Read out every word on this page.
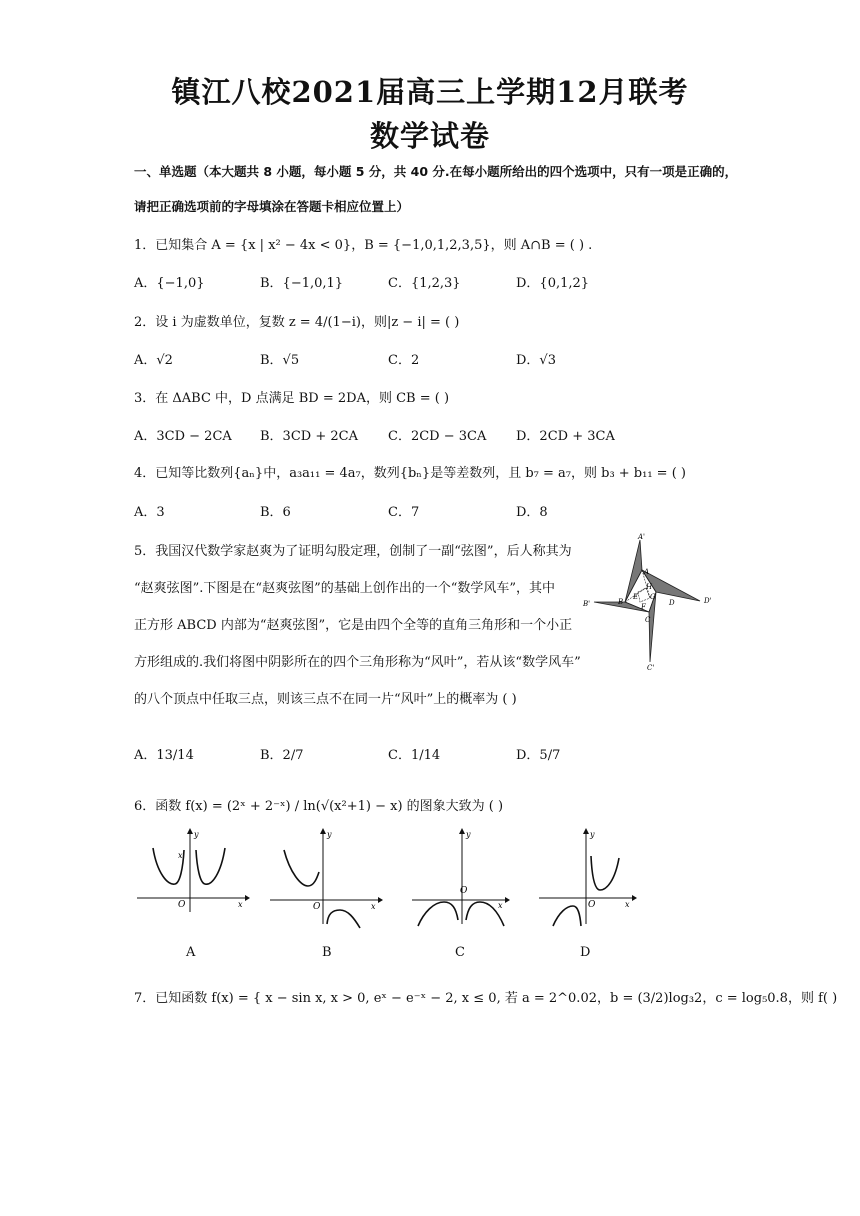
镇江八校2021届高三上学期12月联考
数学试卷
一、单选题（本大题共 8 小题，每小题 5 分，共 40 分.在每小题所给出的四个选项中，只有一项是正确的，
请把正确选项前的字母填涂在答题卡相应位置上）
1．已知集合 A = {x | x² − 4x < 0}，B = {−1,0,1,2,3,5}，则 A∩B = ( ) .
A．{−1,0}	B．{−1,0,1}	C．{1,2,3}	D．{0,1,2}
2．设 i 为虚数单位，复数 z = 4/(1−i)，则|z − i| = ( )
A．√2	B．√5	C．2	D．√3
3．在 ΔABC 中，D 点满足 BD = 2DA，则 CB = ( )
A．3CD − 2CA B．3CD + 2CA C．2CD − 3CA D．2CD + 3CA
4．已知等比数列{aₙ}中，a₃a₁₁ = 4a₇，数列{bₙ}是等差数列，且 b₇ = a₇，则 b₃ + b₁₁ = ( )
A．3	B．6	C．7	D．8
5．我国汉代数学家赵爽为了证明勾股定理，创制了一副“弦图”，后人称其为
“赵爽弦图”.下图是在“赵爽弦图”的基础上创作出的一个“数学风车”，其中
正方形 ABCD 内部为“赵爽弦图”，它是由四个全等的直角三角形和一个小正
方形组成的.我们将图中阴影所在的四个三角形称为“风叶”，若从该“数学风车”
的八个顶点中任取三点，则该三点不在同一片“风叶”上的概率为 ( )
A'
A
H
B'	B
E G
D	D'
F
C
C'
A．13/14	B．2/7	C．1/14	D．5/7
6．函数 f(x) = (2ˣ + 2⁻ˣ) / ln(√(x²+1) − x) 的图象大致为 ( )
y
x
x
O
A
y
x
O
B
y
x
O
C
y
x
O
D
7．已知函数 f(x) = { x − sin x, x > 0, eˣ − e⁻ˣ − 2, x ≤ 0, 若 a = 2^0.02，b = (3/2)log₃2，c = log₅0.8，则 f( )
